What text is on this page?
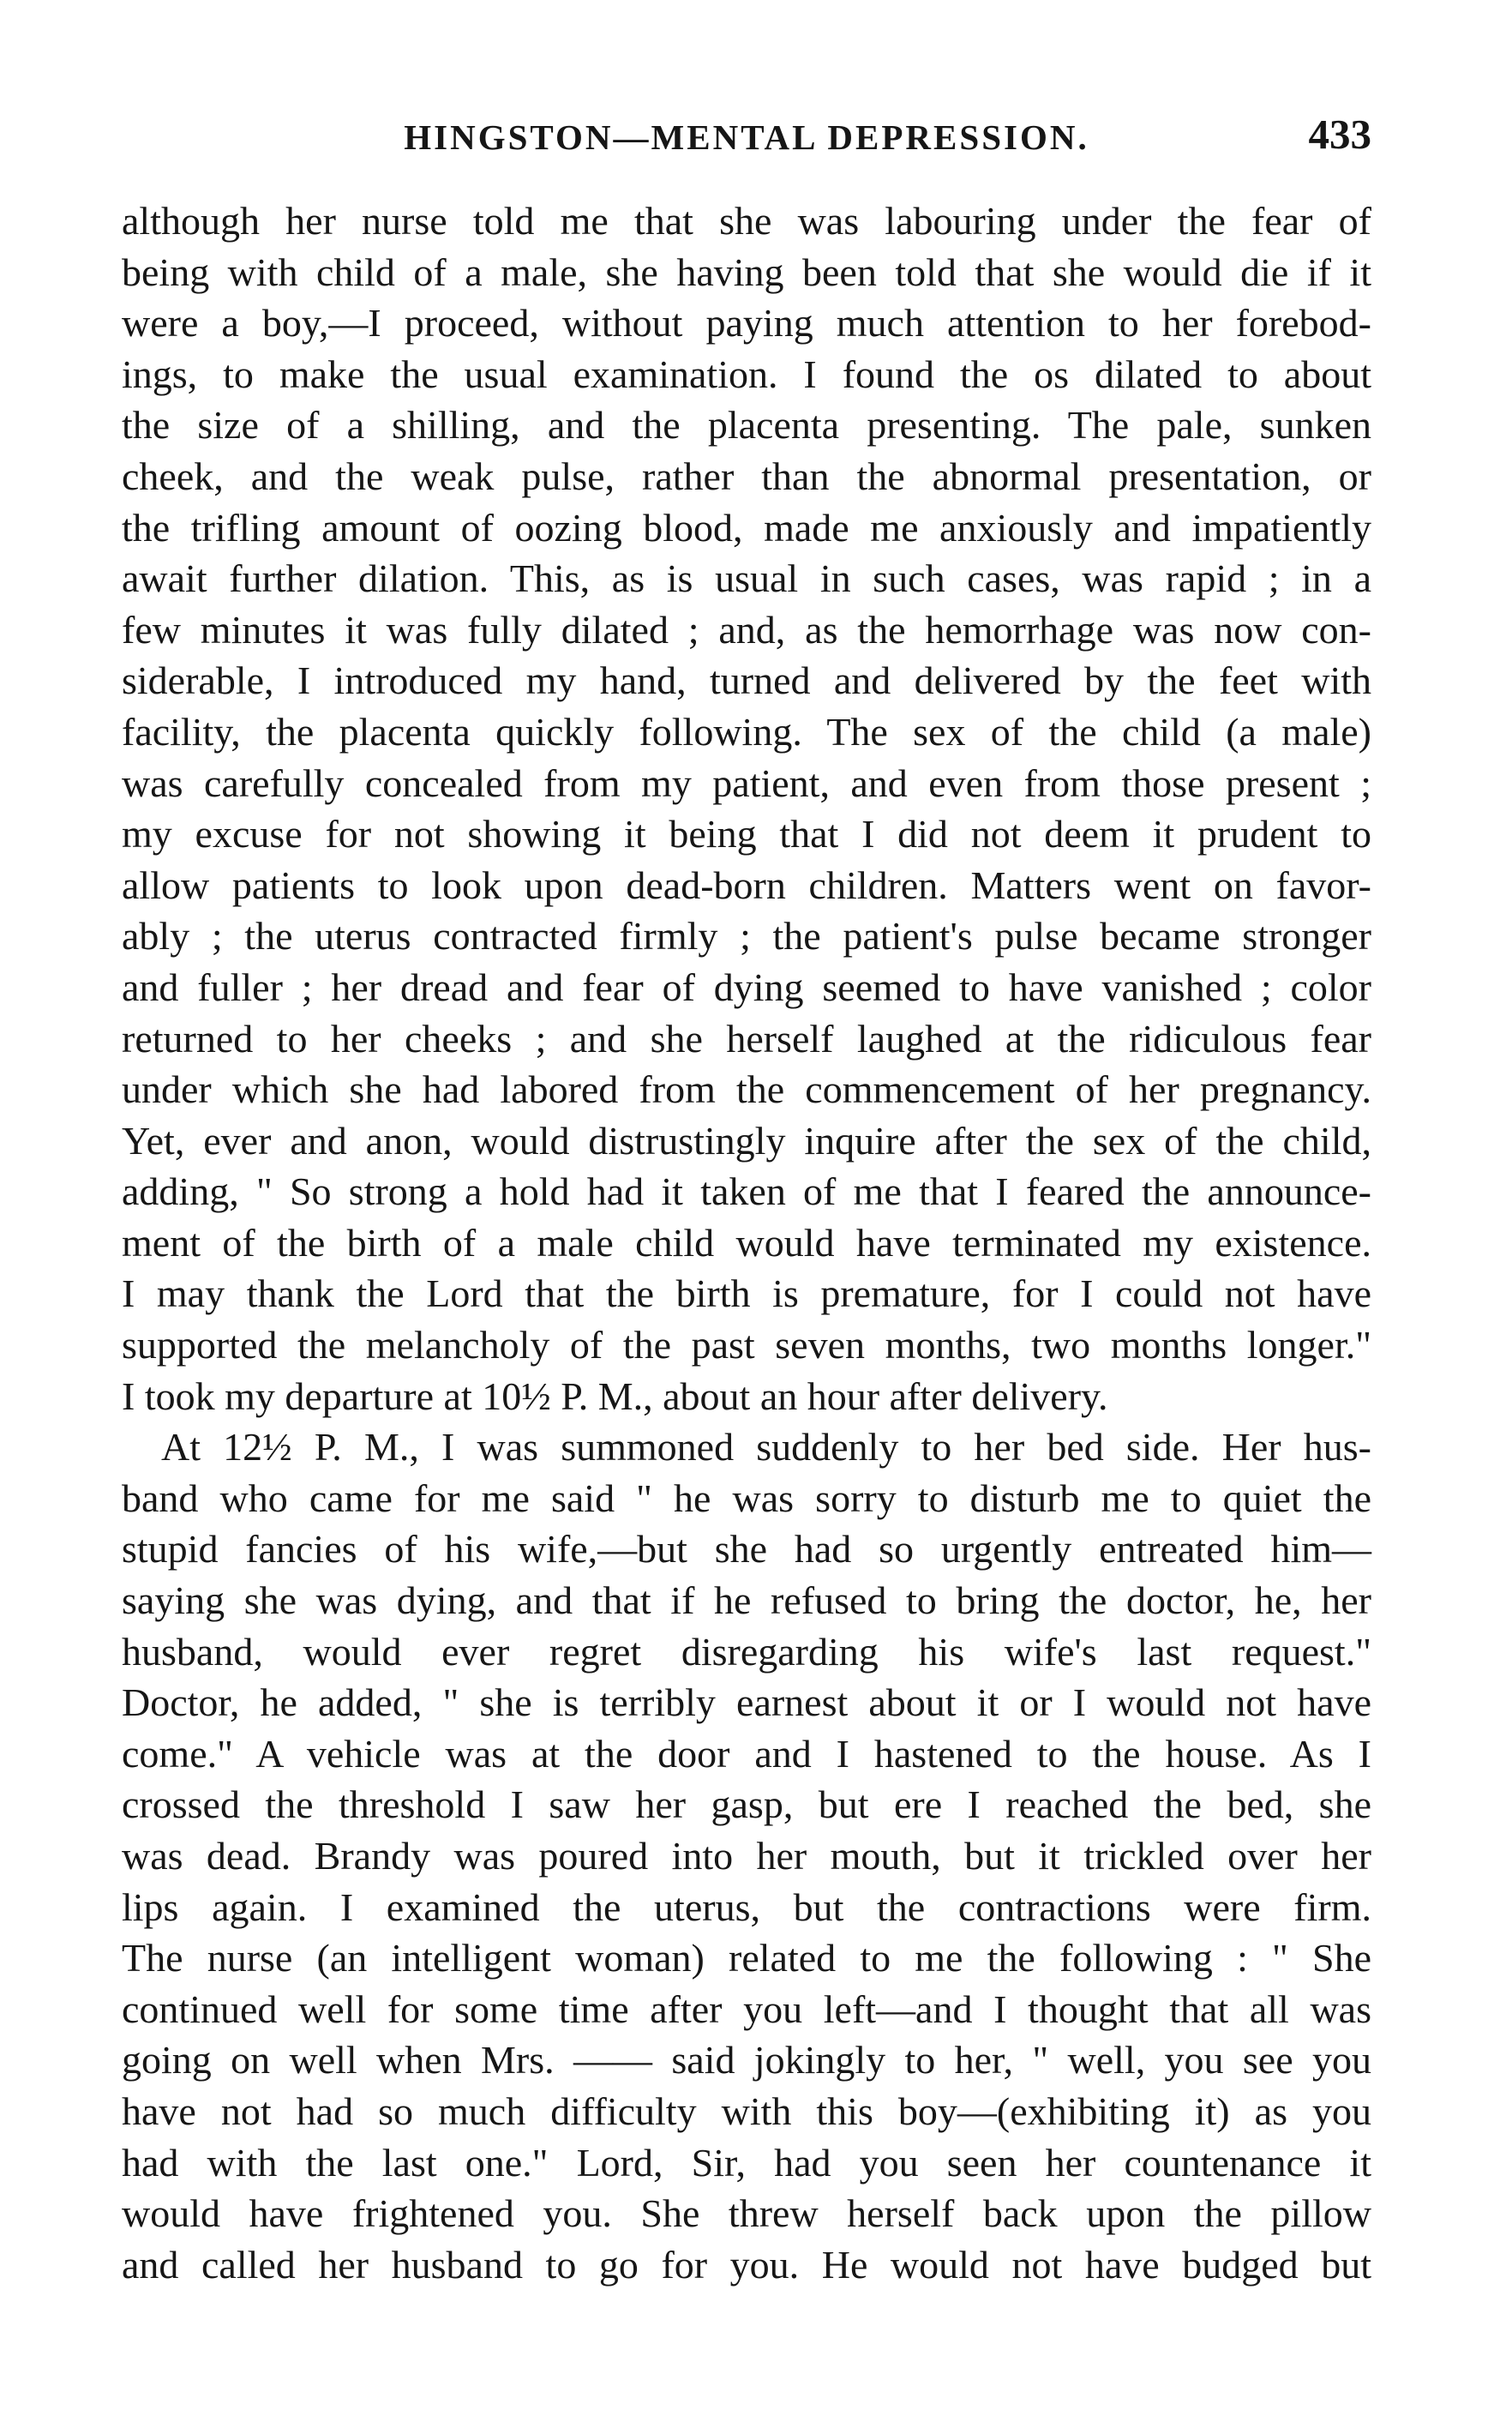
HINGSTON—MENTAL DEPRESSION.	433
although her nurse told me that she was labouring under the fear of
being with child of a male, she having been told that she would die if it
were a boy,—I proceed, without paying much attention to her forebod-
ings, to make the usual examination. I found the os dilated to about
the size of a shilling, and the placenta presenting. The pale, sunken
cheek, and the weak pulse, rather than the abnormal presentation, or
the trifling amount of oozing blood, made me anxiously and impatiently
await further dilation. This, as is usual in such cases, was rapid ; in a
few minutes it was fully dilated ; and, as the hemorrhage was now con-
siderable, I introduced my hand, turned and delivered by the feet with
facility, the placenta quickly following. The sex of the child (a male)
was carefully concealed from my patient, and even from those present ;
my excuse for not showing it being that I did not deem it prudent to
allow patients to look upon dead-born children. Matters went on favor-
ably ; the uterus contracted firmly ; the patient's pulse became stronger
and fuller ; her dread and fear of dying seemed to have vanished ; color
returned to her cheeks ; and she herself laughed at the ridiculous fear
under which she had labored from the commencement of her pregnancy.
Yet, ever and anon, would distrustingly inquire after the sex of the child,
adding, " So strong a hold had it taken of me that I feared the announce-
ment of the birth of a male child would have terminated my existence.
I may thank the Lord that the birth is premature, for I could not have
supported the melancholy of the past seven months, two months longer."
I took my departure at 10½ P. M., about an hour after delivery.
At 12½ P. M., I was summoned suddenly to her bed side. Her hus-
band who came for me said " he was sorry to disturb me to quiet the
stupid fancies of his wife,—but she had so urgently entreated him—
saying she was dying, and that if he refused to bring the doctor, he, her
husband, would ever regret disregarding his wife's last request."
Doctor, he added, " she is terribly earnest about it or I would not have
come." A vehicle was at the door and I hastened to the house. As I
crossed the threshold I saw her gasp, but ere I reached the bed, she
was dead. Brandy was poured into her mouth, but it trickled over her
lips again. I examined the uterus, but the contractions were firm.
The nurse (an intelligent woman) related to me the following : " She
continued well for some time after you left—and I thought that all was
going on well when Mrs. —— said jokingly to her, " well, you see you
have not had so much difficulty with this boy—(exhibiting it) as you
had with the last one." Lord, Sir, had you seen her countenance it
would have frightened you. She threw herself back upon the pillow
and called her husband to go for you. He would not have budged but
